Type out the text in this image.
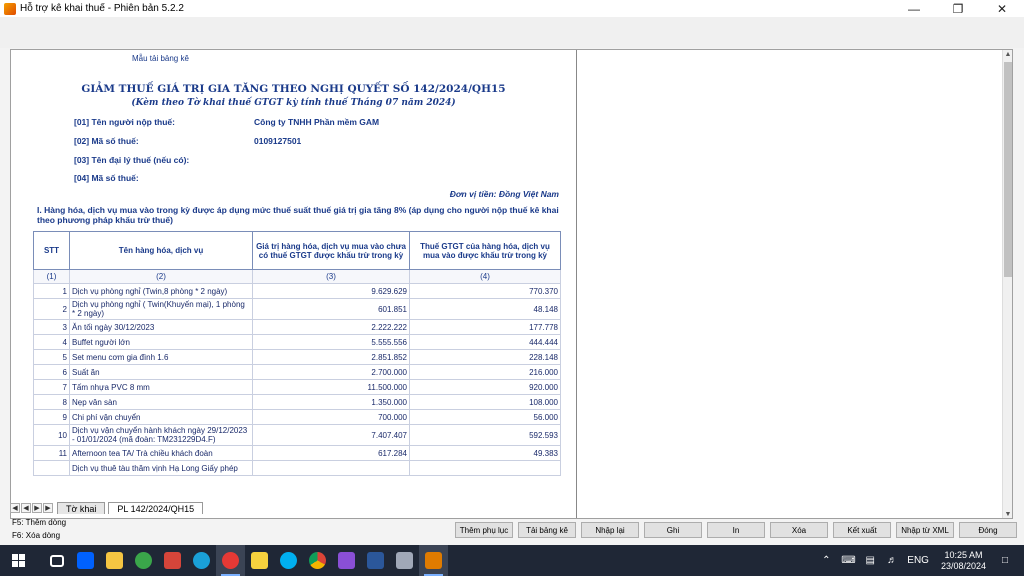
Hỗ trợ kê khai thuế - Phiên bản 5.2.2	—	❐	✕
Mẫu tải bảng kê
GIẢM THUẾ GIÁ TRỊ GIA TĂNG THEO NGHỊ QUYẾT SỐ 142/2024/QH15
(Kèm theo Tờ khai thuế GTGT kỳ tính thuế Tháng 07 năm 2024)
[01] Tên người nộp thuế:	Công ty TNHH Phần mềm GAM
[02] Mã số thuế:	0109127501
[03] Tên đại lý thuế (nếu có):
[04] Mã số thuế:
Đơn vị tiền: Đồng Việt Nam
I. Hàng hóa, dịch vụ mua vào trong kỳ được áp dụng mức thuế suất thuế giá trị gia tăng 8% (áp dụng cho người nộp thuế kê khai theo phương pháp khấu trừ thuế)
STT	Tên hàng hóa, dịch vụ	Giá trị hàng hóa, dịch vụ mua vào chưa có thuế GTGT được khấu trừ trong kỳ	Thuế GTGT của hàng hóa, dịch vụ mua vào được khấu trừ trong kỳ
(1)	(2)	(3)	(4)
1	Dịch vụ phòng nghỉ (Twin,8 phòng * 2 ngày)	9.629.629	770.370
2	Dịch vụ phòng nghỉ ( Twin(Khuyến mại), 1 phòng * 2 ngày)	601.851	48.148
3	Ăn tối ngày 30/12/2023	2.222.222	177.778
4	Buffet người lớn	5.555.556	444.444
5	Set menu cơm gia đình 1.6	2.851.852	228.148
6	Suất ăn	2.700.000	216.000
7	Tấm nhựa PVC 8 mm	11.500.000	920.000
8	Nẹp vân sàn	1.350.000	108.000
9	Chi phí vận chuyển	700.000	56.000
10	Dịch vụ vận chuyển hành khách ngày 29/12/2023 - 01/01/2024 (mã đoàn: TM231229D4.F)	7.407.407	592.593
11	Afternoon tea TA/ Trà chiều khách đoàn	617.284	49.383
	Dịch vụ thuê tàu thăm vịnh Hạ Long Giấy phép		
▲
▼
◀ ◀ ▶ ▶	Tờ khai	PL 142/2024/QH15
F5: Thêm dòng
F6: Xóa dòng
Thêm phụ lục	Tải bảng kê	Nhập lại	Ghi	In	Xóa	Kết xuất	Nhập từ XML	Đóng
⌃ ⌨ ▤ ♬ ENG
10:25 AM
23/08/2024	□
